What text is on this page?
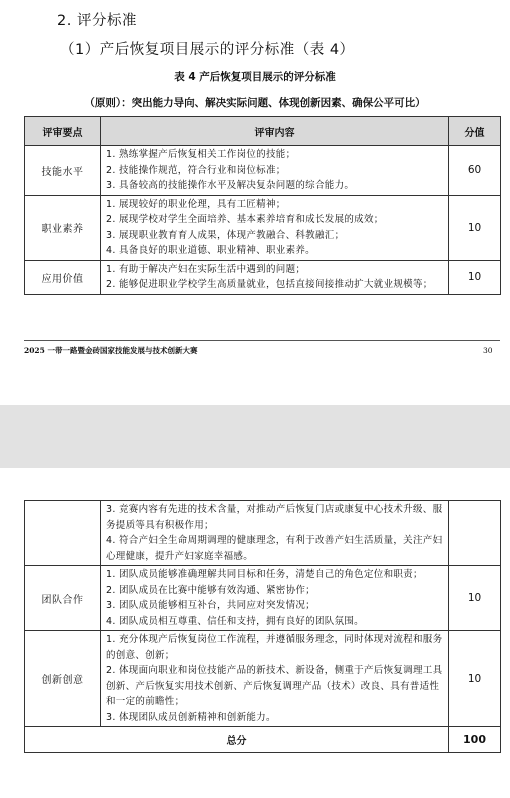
2. 评分标准
（1）产后恢复项目展示的评分标准（表 4）
表 4 产后恢复项目展示的评分标准
（原则）：突出能力导向、解决实际问题、体现创新因素、确保公平可比）
评审要点	评审内容	分值
技能水平	1. 熟练掌握产后恢复相关工作岗位的技能；
2. 技能操作规范，符合行业和岗位标准；
3. 具备较高的技能操作水平及解决复杂问题的综合能力。	60
职业素养	1. 展现较好的职业伦理，具有工匠精神；
2. 展现学校对学生全面培养、基本素养培育和成长发展的成效；
3. 展现职业教育育人成果，体现产教融合、科教融汇；
4. 具备良好的职业道德、职业精神、职业素养。	10
应用价值	1. 有助于解决产妇在实际生活中遇到的问题；
2. 能够促进职业学校学生高质量就业，包括直接间接推动扩大就业规模等；	10
2025 一带一路暨金砖国家技能发展与技术创新大赛	30

	3. 竞赛内容有先进的技术含量，对推动产后恢复门店或康复中心技术升级、服务提质等具有积极作用；
4. 符合产妇全生命周期调理的健康理念，有利于改善产妇生活质量，关注产妇心理健康，提升产妇家庭幸福感。	

团队合作	1. 团队成员能够准确理解共同目标和任务，清楚自己的角色定位和职责；
2. 团队成员在比赛中能够有效沟通、紧密协作；
3. 团队成员能够相互补台，共同应对突发情况；
4. 团队成员相互尊重、信任和支持，拥有良好的团队氛围。	10
创新创意	1. 充分体现产后恢复岗位工作流程，并遵循服务理念，同时体现对流程和服务的创意、创新；
2. 体现面向职业和岗位技能产品的新技术、新设备，侧重于产后恢复调理工具创新、产后恢复实用技术创新、产后恢复调理产品（技术）改良、具有普适性和一定的前瞻性；
3. 体现团队成员创新精神和创新能力。	10
总分		100
